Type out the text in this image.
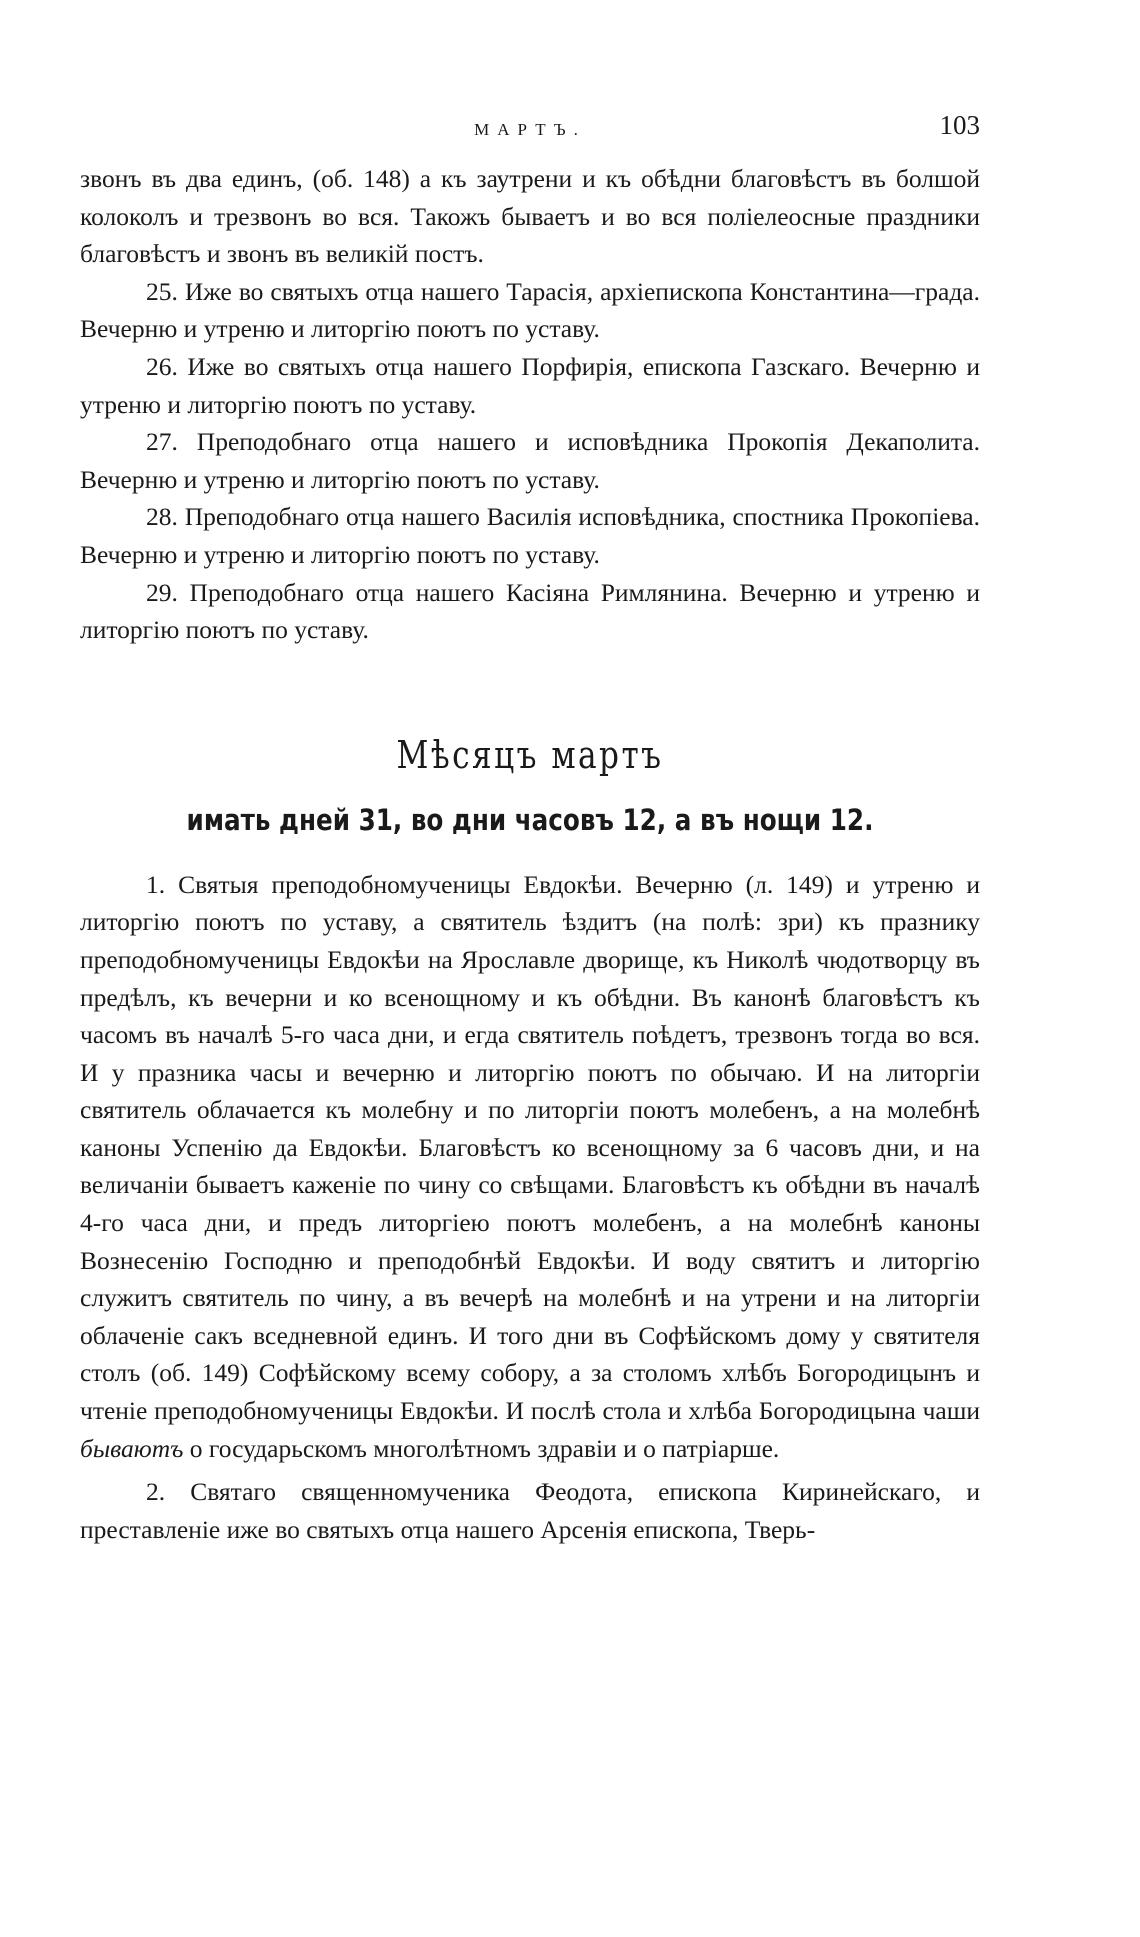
МАРТЪ.	103

звонъ въ два единъ, (об. 148) а къ заутрени и къ обѣдни благовѣстъ въ болшой колоколъ и трезвонъ во вся. Такожъ бываетъ и во вся полiелеосные праздники благовѣстъ и звонъ въ великiй постъ.

25. Иже во святыхъ отца нашего Тарасiя, архiепископа Константина—града. Вечерню и утреню и литоргiю поютъ по уставу.

26. Иже во святыхъ отца нашего Порфирiя, епископа Газскаго. Вечерню и утреню и литоргiю поютъ по уставу.

27. Преподобнаго отца нашего и исповѣдника Прокопiя Декаполита. Вечерню и утреню и литоргiю поютъ по уставу.

28. Преподобнаго отца нашего Василiя исповѣдника, спостника Прокопiева. Вечерню и утреню и литоргiю поютъ по уставу.

29. Преподобнаго отца нашего Касiяна Римлянина. Вечерню и утреню и литоргiю поютъ по уставу.

Мѣсяцъ мартъ
имать дней 31, во дни часовъ 12, а въ нощи 12.

1. Святыя преподобномученицы Евдокѣи. Вечерню (л. 149) и утреню и литоргiю поютъ по уставу, а святитель ѣздитъ (на полѣ: зри) къ празнику преподобномученицы Евдокѣи на Ярославле дворище, къ Николѣ чюдотворцу въ предѣлъ, къ вечерни и ко всенощному и къ обѣдни. Въ канонѣ благовѣстъ къ часомъ въ началѣ 5-го часа дни, и егда святитель поѣдетъ, трезвонъ тогда во вся. И у празника часы и вечерню и литоргiю поютъ по обычаю. И на литоргiи святитель облачается къ молебну и по литоргiи поютъ молебенъ, а на молебнѣ каноны Успенiю да Евдокѣи. Благовѣстъ ко всенощному за 6 часовъ дни, и на величанiи бываетъ каженiе по чину со свѣщами. Благовѣстъ къ обѣдни въ началѣ 4-го часа дни, и предъ литоргiею поютъ молебенъ, а на молебнѣ каноны Вознесенiю Господню и преподобнѣй Евдокѣи. И воду святитъ и литоргiю служитъ святитель по чину, а въ вечерѣ на молебнѣ и на утрени и на литоргiи облаченiе сакъ вседневной единъ. И того дни въ Софѣйскомъ дому у святителя столъ (об. 149) Софѣйскому всему собору, а за столомъ хлѣбъ Богородицынъ и чтенiе преподобномученицы Евдокѣи. И послѣ стола и хлѣба Богородицына чаши бываютъ о государьскомъ многолѣтномъ здравiи и о патрiаршe.

2. Святаго священномученика Феодота, епископа Киринейскаго, и преставленiе иже во святыхъ отца нашего Арсенiя епископа, Тверь-
